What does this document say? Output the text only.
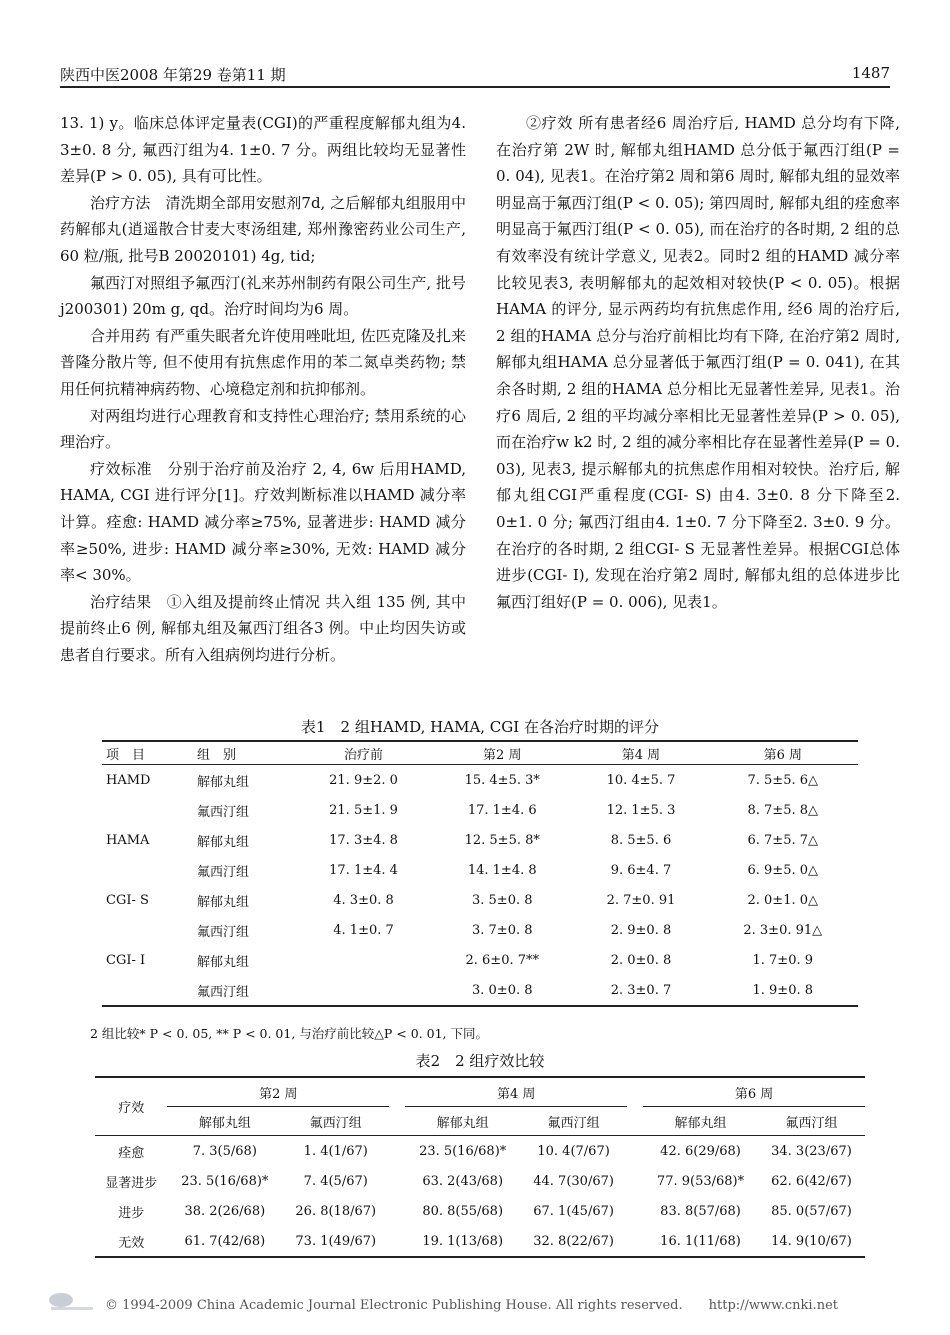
陕西中医2008 年第29 卷第11 期	1487

13. 1) y。临床总体评定量表(CGI)的严重程度解郁丸组为4. 3±0. 8 分, 氟西汀组为4. 1±0. 7 分。两组比较均无显著性差异(P > 0. 05), 具有可比性。

治疗方法　清洗期全部用安慰剂7d, 之后解郁丸组服用中药解郁丸(逍遥散合甘麦大枣汤组建, 郑州豫密药业公司生产, 60 粒/瓶, 批号B 20020101) 4g, tid;

氟西汀对照组予氟西汀(礼来苏州制药有限公司生产, 批号 j200301) 20m g, qd。治疗时间均为6 周。

合并用药 有严重失眠者允许使用唑吡坦, 佐匹克隆及扎来普隆分散片等, 但不使用有抗焦虑作用的苯二氮卓类药物; 禁用任何抗精神病药物、心境稳定剂和抗抑郁剂。

对两组均进行心理教育和支持性心理治疗; 禁用系统的心理治疗。

疗效标准　分别于治疗前及治疗 2, 4, 6w 后用HAMD, HAMA, CGI 进行评分[1]。疗效判断标准以HAMD 减分率计算。痊愈: HAMD 减分率≥75%, 显著进步: HAMD 减分率≥50%, 进步: HAMD 减分率≥30%, 无效: HAMD 减分率< 30%。

治疗结果　①入组及提前终止情况 共入组 135 例, 其中提前终止6 例, 解郁丸组及氟西汀组各3 例。中止均因失访或患者自行要求。所有入组病例均进行分析。

②疗效 所有患者经6 周治疗后, HAMD 总分均有下降, 在治疗第 2W 时, 解郁丸组HAMD 总分低于氟西汀组(P = 0. 04), 见表1。在治疗第2 周和第6 周时, 解郁丸组的显效率明显高于氟西汀组(P < 0. 05); 第四周时, 解郁丸组的痊愈率明显高于氟西汀组(P < 0. 05), 而在治疗的各时期, 2 组的总有效率没有统计学意义, 见表2。同时2 组的HAMD 减分率比较见表3, 表明解郁丸的起效相对较快(P < 0. 05)。根据HAMA 的评分, 显示两药均有抗焦虑作用, 经6 周的治疗后, 2 组的HAMA 总分与治疗前相比均有下降, 在治疗第2 周时, 解郁丸组HAMA 总分显著低于氟西汀组(P = 0. 041), 在其余各时期, 2 组的HAMA 总分相比无显著性差异, 见表1。治疗6 周后, 2 组的平均减分率相比无显著性差异(P > 0. 05), 而在治疗w k2 时, 2 组的减分率相比存在显著性差异(P = 0. 03), 见表3, 提示解郁丸的抗焦虑作用相对较快。治疗后, 解郁丸组CGI严重程度(CGI- S) 由4. 3±0. 8 分下降至2. 0±1. 0 分; 氟西汀组由4. 1±0. 7 分下降至2. 3±0. 9 分。在治疗的各时期, 2 组CGI- S 无显著性差异。根据CGI总体进步(CGI- I), 发现在治疗第2 周时, 解郁丸组的总体进步比氟西汀组好(P = 0. 006), 见表1。

表1　2 组HAMD, HAMA, CGI 在各治疗时期的评分
项　目	组　别	治疗前	第2 周	第4 周	第6 周
HAMD	解郁丸组	21. 9±2. 0	15. 4±5. 3*	10. 4±5. 7	7. 5±5. 6△
	氟西汀组	21. 5±1. 9	17. 1±4. 6	12. 1±5. 3	8. 7±5. 8△
HAMA	解郁丸组	17. 3±4. 8	12. 5±5. 8*	8. 5±5. 6	6. 7±5. 7△
	氟西汀组	17. 1±4. 4	14. 1±4. 8	9. 6±4. 7	6. 9±5. 0△
CGI- S	解郁丸组	4. 3±0. 8	3. 5±0. 8	2. 7±0. 91	2. 0±1. 0△
	氟西汀组	4. 1±0. 7	3. 7±0. 8	2. 9±0. 8	2. 3±0. 91△
CGI- I	解郁丸组		2. 6±0. 7**	2. 0±0. 8	1. 7±0. 9
	氟西汀组		3. 0±0. 8	2. 3±0. 7	1. 9±0. 8
2 组比较* P < 0. 05, ** P < 0. 01, 与治疗前比较△P < 0. 01, 下同。
表2　2 组疗效比较
疗效	第2 周			第4 周			第6 周	
	解郁丸组	氟西汀组		解郁丸组	氟西汀组		解郁丸组	氟西汀组
痊愈	7. 3(5/68)	1. 4(1/67)		23. 5(16/68)*	10. 4(7/67)		42. 6(29/68)	34. 3(23/67)
显著进步	23. 5(16/68)*	7. 4(5/67)		63. 2(43/68)	44. 7(30/67)		77. 9(53/68)*	62. 6(42/67)
进步	38. 2(26/68)	26. 8(18/67)		80. 8(55/68)	67. 1(45/67)		83. 8(57/68)	85. 0(57/67)
无效	61. 7(42/68)	73. 1(49/67)		19. 1(13/68)	32. 8(22/67)		16. 1(11/68)	14. 9(10/67)
© 1994-2009 China Academic Journal Electronic Publishing House. All rights reserved.　　http://www.cnki.net
